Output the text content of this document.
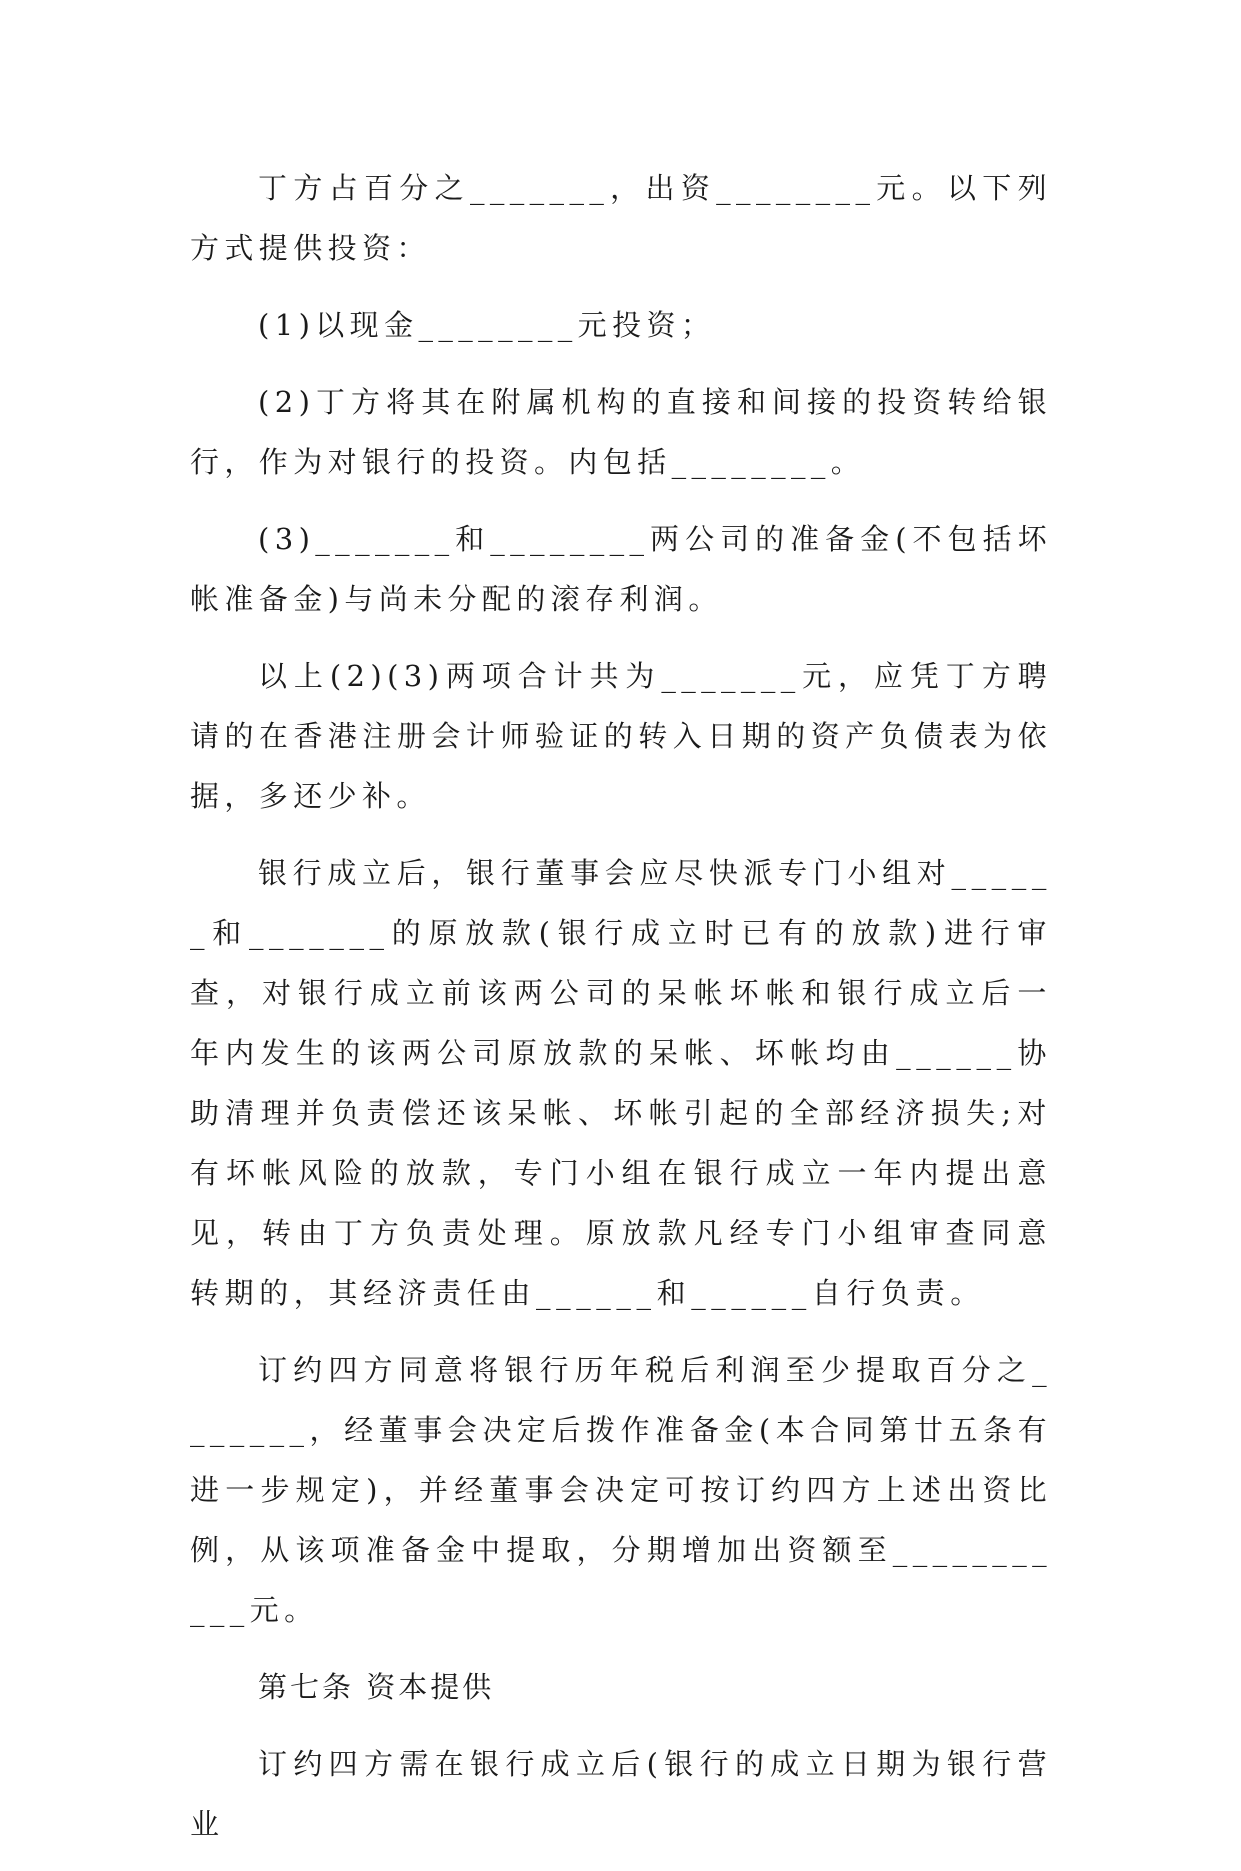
丁方占百分之_______，出资________元。以下列方式提供投资：

(1)以现金________元投资；

(2)丁方将其在附属机构的直接和间接的投资转给银行，作为对银行的投资。内包括________。

(3)_______和________两公司的准备金(不包括坏帐准备金)与尚未分配的滚存利润。

以上(2)(3)两项合计共为_______元，应凭丁方聘请的在香港注册会计师验证的转入日期的资产负债表为依据，多还少补。

银行成立后，银行董事会应尽快派专门小组对______和_______的原放款(银行成立时已有的放款)进行审查，对银行成立前该两公司的呆帐坏帐和银行成立后一年内发生的该两公司原放款的呆帐、坏帐均由______协助清理并负责偿还该呆帐、坏帐引起的全部经济损失;对有坏帐风险的放款，专门小组在银行成立一年内提出意见，转由丁方负责处理。原放款凡经专门小组审查同意转期的，其经济责任由______和______自行负责。

订约四方同意将银行历年税后利润至少提取百分之_______，经董事会决定后拨作准备金(本合同第廿五条有进一步规定)，并经董事会决定可按订约四方上述出资比例，从该项准备金中提取，分期增加出资额至___________元。

第七条 资本提供

订约四方需在银行成立后(银行的成立日期为银行营业
